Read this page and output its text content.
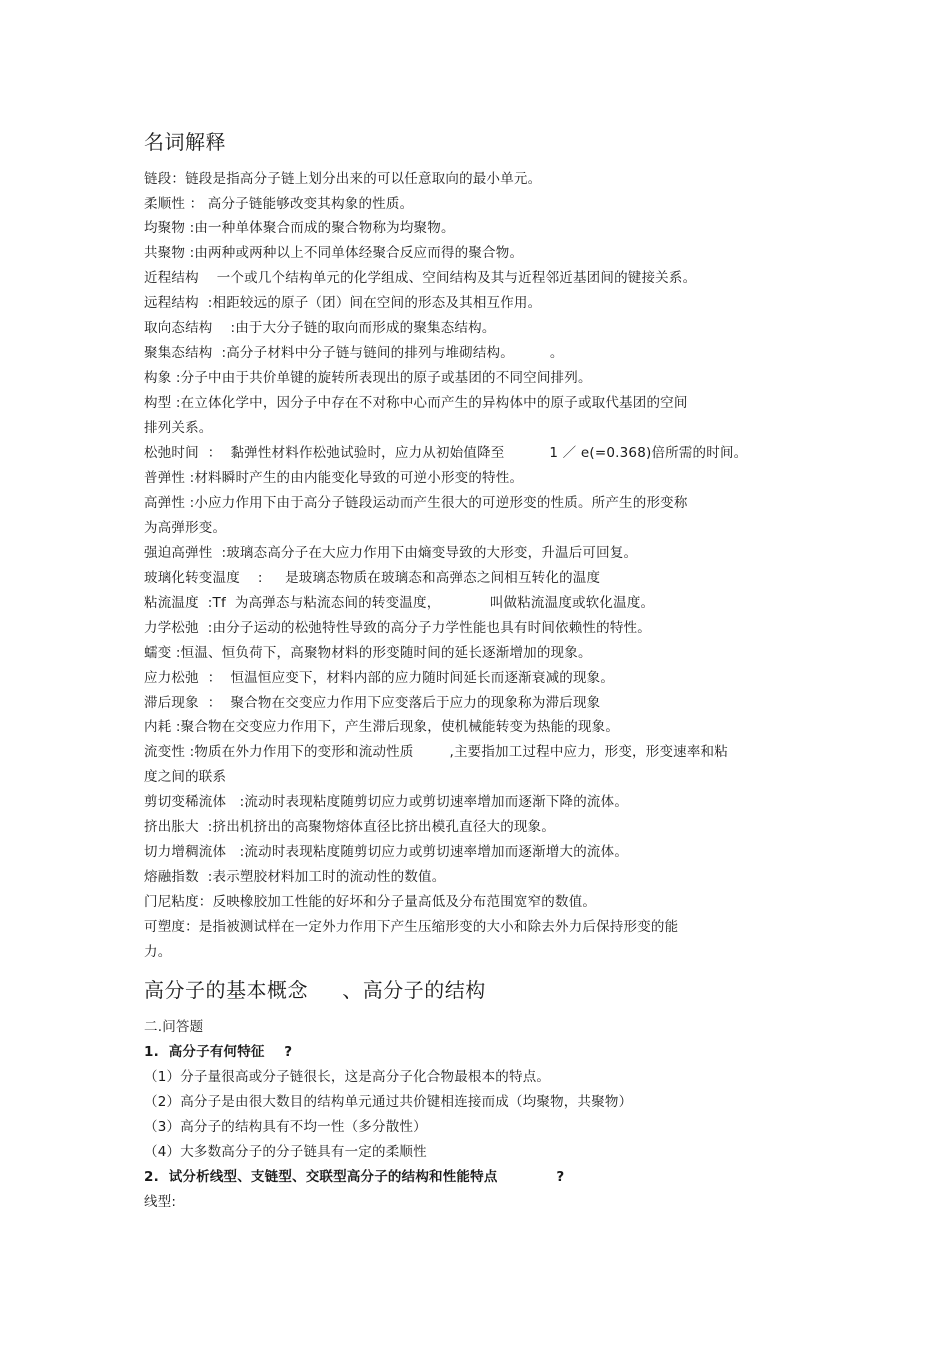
名词解释
链段：链段是指高分子链上划分出来的可以任意取向的最小单元。
柔顺性 ： 高分子链能够改变其构象的性质。
均聚物 :由一种单体聚合而成的聚合物称为均聚物。
共聚物 :由两种或两种以上不同单体经聚合反应而得的聚合物。
近程结构    一个或几个结构单元的化学组成、空间结构及其与近程邻近基团间的键接关系。
远程结构  :相距较远的原子（团）间在空间的形态及其相互作用。
取向态结构    :由于大分子链的取向而形成的聚集态结构。
聚集态结构  :高分子材料中分子链与链间的排列与堆砌结构。        。
构象 :分子中由于共价单键的旋转所表现出的原子或基团的不同空间排列。
构型 :在立体化学中，因分子中存在不对称中心而产生的异构体中的原子或取代基团的空间
排列关系。
松弛时间  ：  黏弹性材料作松弛试验时，应力从初始值降至          1 ／ e(=0.368)倍所需的时间。
普弹性 :材料瞬时产生的由内能变化导致的可逆小形变的特性。
高弹性 :小应力作用下由于高分子链段运动而产生很大的可逆形变的性质。所产生的形变称
为高弹形变。
强迫高弹性  :玻璃态高分子在大应力作用下由熵变导致的大形变，升温后可回复。
玻璃化转变温度    :     是玻璃态物质在玻璃态和高弹态之间相互转化的温度
粘流温度  :Tf  为高弹态与粘流态间的转变温度，           叫做粘流温度或软化温度。
力学松弛  :由分子运动的松弛特性导致的高分子力学性能也具有时间依赖性的特性。
蠕变 :恒温、恒负荷下，高聚物材料的形变随时间的延长逐渐增加的现象。
应力松弛  ：  恒温恒应变下，材料内部的应力随时间延长而逐渐衰减的现象。
滞后现象  ：  聚合物在交变应力作用下应变落后于应力的现象称为滞后现象
内耗 :聚合物在交变应力作用下，产生滞后现象，使机械能转变为热能的现象。
流变性 :物质在外力作用下的变形和流动性质        ,主要指加工过程中应力，形变，形变速率和粘
度之间的联系
剪切变稀流体   :流动时表现粘度随剪切应力或剪切速率增加而逐渐下降的流体。
挤出胀大  :挤出机挤出的高聚物熔体直径比挤出模孔直径大的现象。
切力增稠流体   :流动时表现粘度随剪切应力或剪切速率增加而逐渐增大的流体。
熔融指数  :表示塑胶材料加工时的流动性的数值。
门尼粘度：反映橡胶加工性能的好坏和分子量高低及分布范围宽窄的数值。
可塑度：是指被测试样在一定外力作用下产生压缩形变的大小和除去外力后保持形变的能
力。
高分子的基本概念     、高分子的结构
二.问答题
1.  高分子有何特征    ?
（1）分子量很高或分子链很长，这是高分子化合物最根本的特点。
（2）高分子是由很大数目的结构单元通过共价键相连接而成（均聚物，共聚物）
（3）高分子的结构具有不均一性（多分散性）
（4）大多数高分子的分子链具有一定的柔顺性
2.  试分析线型、支链型、交联型高分子的结构和性能特点            ?
线型:
